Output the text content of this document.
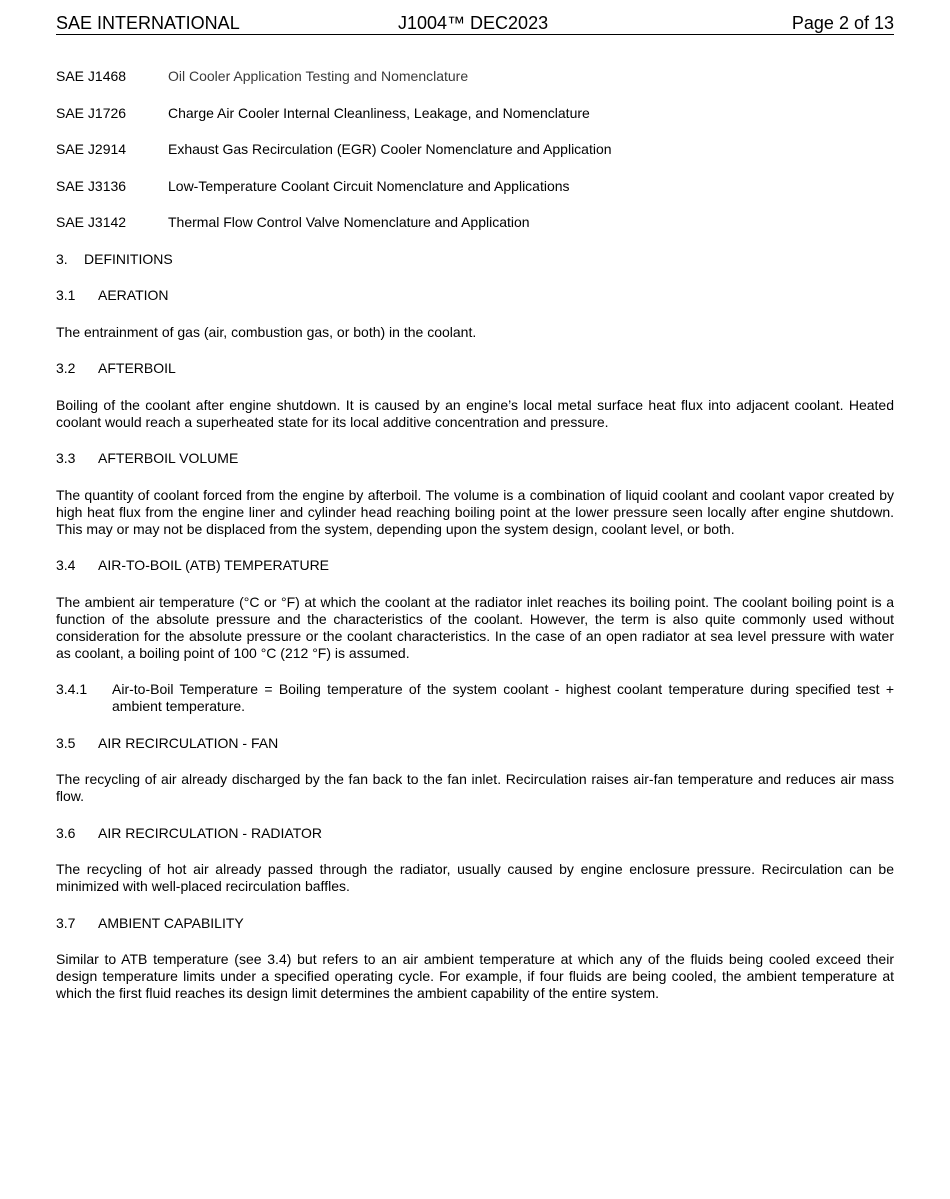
SAE INTERNATIONAL	J1004™ DEC2023	Page 2 of 13
SAE J1468	Oil Cooler Application Testing and Nomenclature
SAE J1726	Charge Air Cooler Internal Cleanliness, Leakage, and Nomenclature
SAE J2914	Exhaust Gas Recirculation (EGR) Cooler Nomenclature and Application
SAE J3136	Low-Temperature Coolant Circuit Nomenclature and Applications
SAE J3142	Thermal Flow Control Valve Nomenclature and Application
3. DEFINITIONS
3.1 AERATION

The entrainment of gas (air, combustion gas, or both) in the coolant.

3.2 AFTERBOIL

Boiling of the coolant after engine shutdown. It is caused by an engine’s local metal surface heat flux into adjacent coolant. Heated coolant would reach a superheated state for its local additive concentration and pressure.

3.3 AFTERBOIL VOLUME

The quantity of coolant forced from the engine by afterboil. The volume is a combination of liquid coolant and coolant vapor created by high heat flux from the engine liner and cylinder head reaching boiling point at the lower pressure seen locally after engine shutdown. This may or may not be displaced from the system, depending upon the system design, coolant level, or both.

3.4 AIR-TO-BOIL (ATB) TEMPERATURE

The ambient air temperature (°C or °F) at which the coolant at the radiator inlet reaches its boiling point. The coolant boiling point is a function of the absolute pressure and the characteristics of the coolant. However, the term is also quite commonly used without consideration for the absolute pressure or the coolant characteristics. In the case of an open radiator at sea level pressure with water as coolant, a boiling point of 100 °C (212 °F) is assumed.

3.4.1	Air-to-Boil Temperature = Boiling temperature of the system coolant - highest coolant temperature during specified test + ambient temperature.
3.5 AIR RECIRCULATION - FAN

The recycling of air already discharged by the fan back to the fan inlet. Recirculation raises air-fan temperature and reduces air mass flow.

3.6 AIR RECIRCULATION - RADIATOR

The recycling of hot air already passed through the radiator, usually caused by engine enclosure pressure. Recirculation can be minimized with well-placed recirculation baffles.

3.7 AMBIENT CAPABILITY

Similar to ATB temperature (see 3.4) but refers to an air ambient temperature at which any of the fluids being cooled exceed their design temperature limits under a specified operating cycle. For example, if four fluids are being cooled, the ambient temperature at which the first fluid reaches its design limit determines the ambient capability of the entire system.
